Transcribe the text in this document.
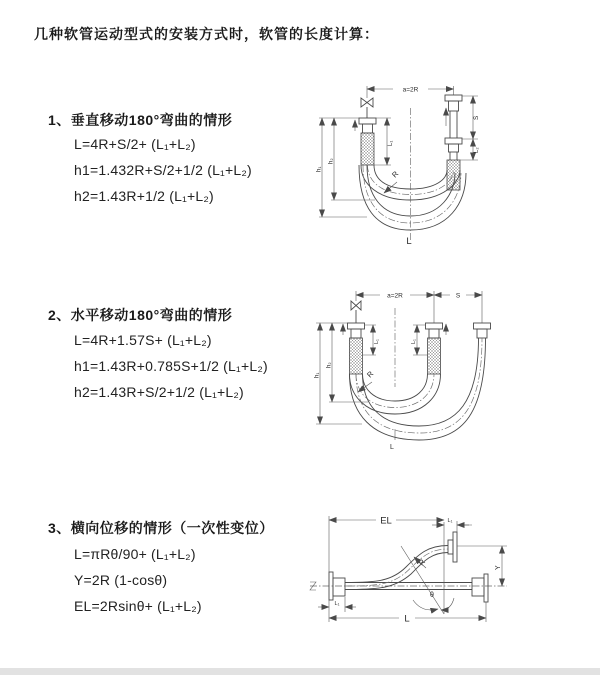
几种软管运动型式的安装方式时，软管的长度计算：
1、垂直移动180°弯曲的情形
L=4R+S/2+ (L₁+L₂)
h1=1.432R+S/2+1/2 (L₁+L₂)
h2=1.43R+1/2 (L₁+L₂)
2、水平移动180°弯曲的情形
L=4R+1.57S+ (L₁+L₂)
h1=1.43R+0.785S+1/2 (L₁+L₂)
h2=1.43R+S/2+1/2 (L₁+L₂)
3、横向位移的情形（一次性变位）
L=πRθ/90+ (L₁+L₂)
Y=2R (1-cosθ)
EL=2Rsinθ+ (L₁+L₂)
a=2R
S
L₂
h₁
h₂
L₁
R
L
a=2R	S
L₁	L₁
h₁
h₂
R
L
EL	L₁
Y
R
θ
L
L₁
